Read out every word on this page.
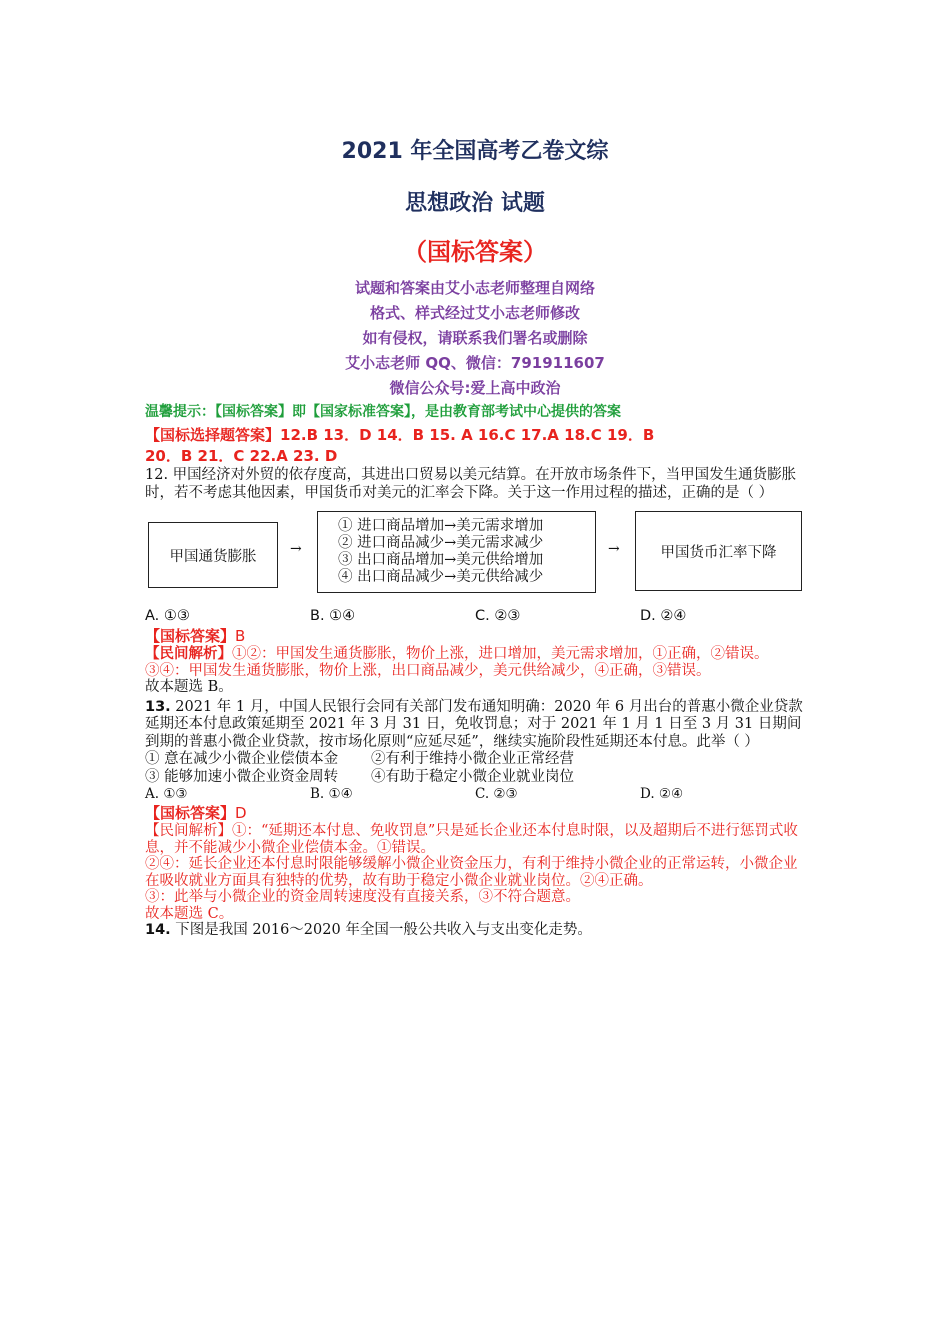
2021 年全国高考乙卷文综
思想政治 试题
（国标答案）
试题和答案由艾小志老师整理自网络
格式、样式经过艾小志老师修改
如有侵权，请联系我们署名或删除
艾小志老师 QQ、微信：791911607
微信公众号:爱上高中政治
温馨提示：【国标答案】即【国家标准答案】，是由教育部考试中心提供的答案
【国标选择题答案】12.B 13．D 14．B 15. A 16.C 17.A 18.C 19．B
20．B 21．C 22.A 23. D
12. 甲国经济对外贸的依存度高，其进出口贸易以美元结算。在开放市场条件下，当甲国发生通货膨胀时，若不考虑其他因素，甲国货币对美元的汇率会下降。关于这一作用过程的描述，正确的是（ ）
甲国通货膨胀	→
① 进口商品增加→美元需求增加
② 进口商品减少→美元需求减少
③ 出口商品增加→美元供给增加
④ 出口商品减少→美元供给减少
→	甲国货币汇率下降
A. ①③	B. ①④	C. ②③	D. ②④
【国标答案】B
【民间解析】①②：甲国发生通货膨胀，物价上涨，进口增加，美元需求增加，①正确，②错误。
③④：甲国发生通货膨胀，物价上涨，出口商品减少，美元供给减少，④正确，③错误。
故本题选 B。
13. 2021 年 1 月，中国人民银行会同有关部门发布通知明确：2020 年 6 月出台的普惠小微企业贷款延期还本付息政策延期至 2021 年 3 月 31 日，免收罚息；对于 2021 年 1 月 1 日至 3 月 31 日期间到期的普惠小微企业贷款，按市场化原则“应延尽延”，继续实施阶段性延期还本付息。此举（ ）
① 意在减少小微企业偿债本金	②有利于维持小微企业正常经营
③ 能够加速小微企业资金周转	④有助于稳定小微企业就业岗位
A. ①③	B. ①④	C. ②③	D. ②④
【国标答案】D
【民间解析】①：“延期还本付息、免收罚息”只是延长企业还本付息时限，以及超期后不进行惩罚式收息，并不能减少小微企业偿债本金。①错误。
②④：延长企业还本付息时限能够缓解小微企业资金压力，有利于维持小微企业的正常运转，小微企业在吸收就业方面具有独特的优势，故有助于稳定小微企业就业岗位。②④正确。
③：此举与小微企业的资金周转速度没有直接关系，③不符合题意。
故本题选 C。
14. 下图是我国 2016～2020 年全国一般公共收入与支出变化走势。
